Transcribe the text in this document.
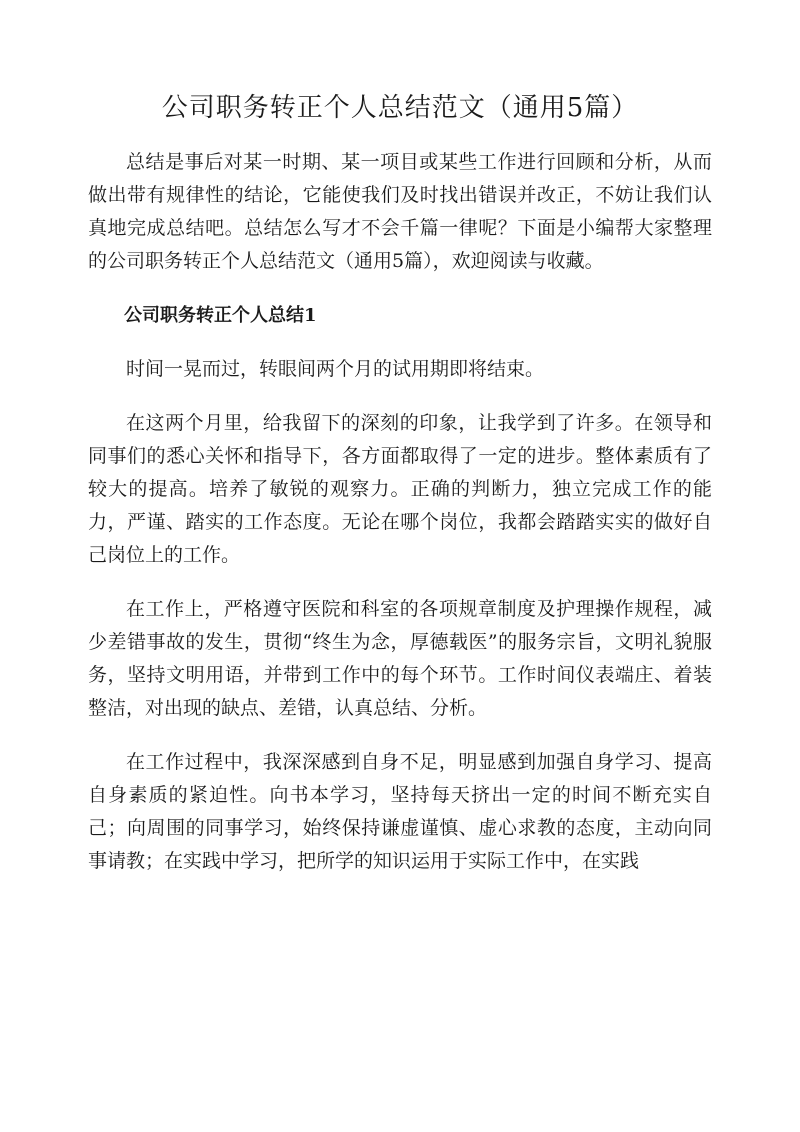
公司职务转正个人总结范文（通用5篇）

总结是事后对某一时期、某一项目或某些工作进行回顾和分析，从而做出带有规律性的结论，它能使我们及时找出错误并改正，不妨让我们认真地完成总结吧。总结怎么写才不会千篇一律呢？下面是小编帮大家整理的公司职务转正个人总结范文（通用5篇），欢迎阅读与收藏。

公司职务转正个人总结1

时间一晃而过，转眼间两个月的试用期即将结束。

在这两个月里，给我留下的深刻的印象，让我学到了许多。在领导和同事们的悉心关怀和指导下，各方面都取得了一定的进步。整体素质有了较大的提高。培养了敏锐的观察力。正确的判断力，独立完成工作的能力，严谨、踏实的工作态度。无论在哪个岗位，我都会踏踏实实的做好自己岗位上的工作。

在工作上，严格遵守医院和科室的各项规章制度及护理操作规程，减少差错事故的发生，贯彻“终生为念，厚德载医”的服务宗旨，文明礼貌服务，坚持文明用语，并带到工作中的每个环节。工作时间仪表端庄、着装整洁，对出现的缺点、差错，认真总结、分析。

在工作过程中，我深深感到自身不足，明显感到加强自身学习、提高自身素质的紧迫性。向书本学习，坚持每天挤出一定的时间不断充实自己；向周围的同事学习，始终保持谦虚谨慎、虚心求教的态度，主动向同事请教；在实践中学习，把所学的知识运用于实际工作中，在实践
